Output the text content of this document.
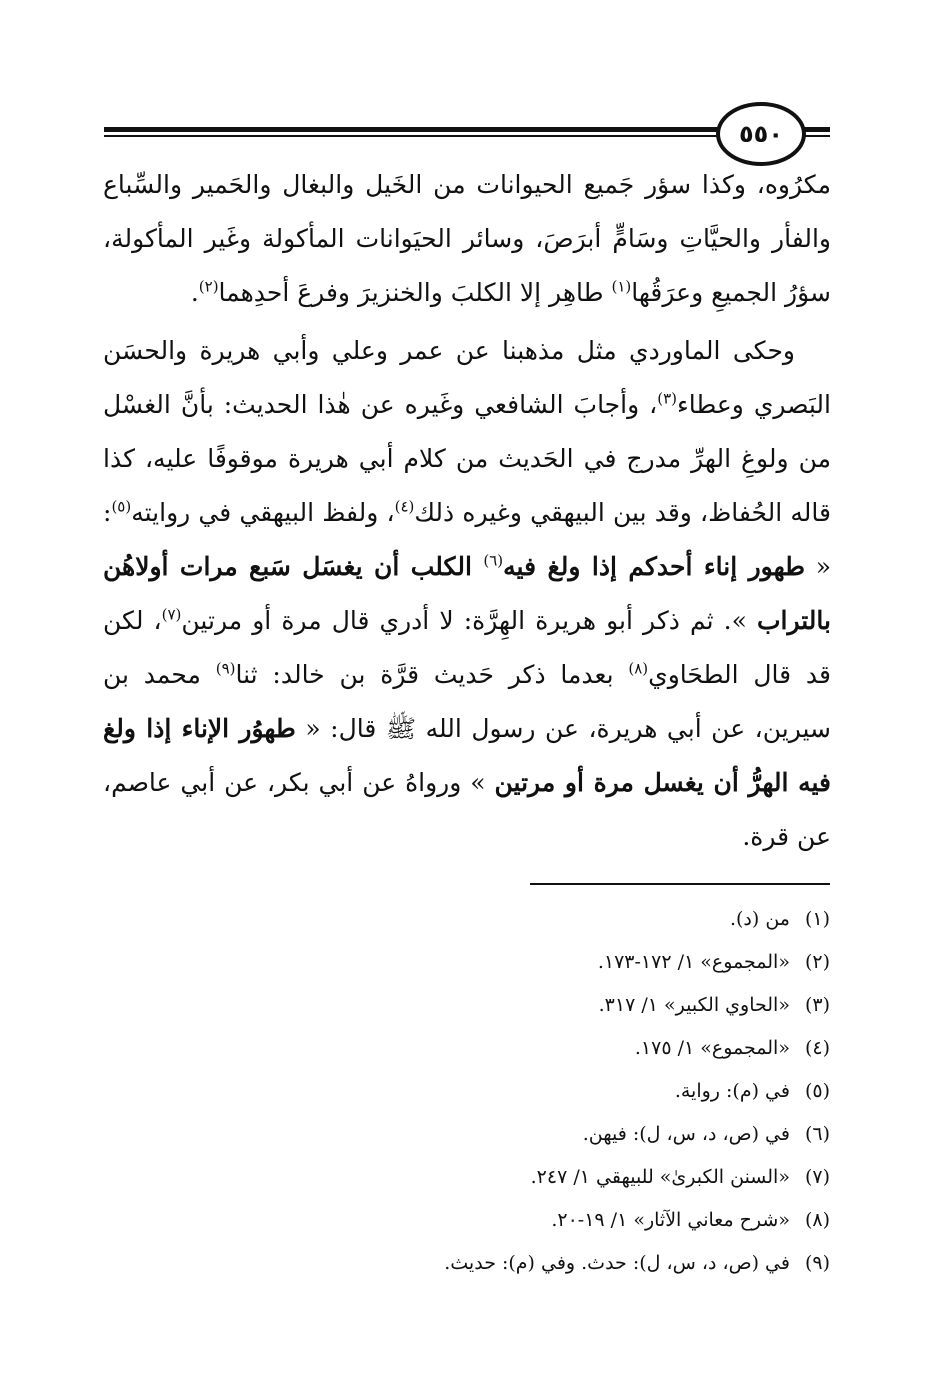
٥٥٠

مكرُوه، وكذا سؤر جَميع الحيوانات من الخَيل والبغال والحَمير والسِّباع والفأر والحيَّاتِ وسَامٍّ أبرَصَ، وسائر الحيَوانات المأكولة وغَير المأكولة، سؤرُ الجميعِ وعرَقُها$^{(١)}$ طاهِر إلا الكلبَ والخنزيرَ وفرعَ أحدِهما$^{(٢)}$.

وحكى الماوردي مثل مذهبنا عن عمر وعلي وأبي هريرة والحسَن البَصري وعطاء$^{(٣)}$، وأجابَ الشافعي وغَيره عن هٰذا الحديث: بأنَّ الغسْل من ولوغِ الهرِّ مدرج في الحَديث من كلام أبي هريرة موقوفًا عليه، كذا قاله الحُفاظ، وقد بين البيهقي وغيره ذلك$^{(٤)}$، ولفظ البيهقي في روايته$^{(٥)}$: « طهور إناء أحدكم إذا ولغ فيه$^{(٦)}$ الكلب أن يغسَل سَبع مرات أولاهُن بالتراب ». ثم ذكر أبو هريرة الهِرَّة: لا أدري قال مرة أو مرتين$^{(٧)}$، لكن قد قال الطحَاوي$^{(٨)}$ بعدما ذكر حَديث قرَّة بن خالد: ثنا$^{(٩)}$ محمد بن سيرين، عن أبي هريرة، عن رسول الله ﷺ قال: « طهوُر الإناء إذا ولغ فيه الهرُّ أن يغسل مرة أو مرتين » ورواهُ عن أبي بكر، عن أبي عاصم، عن قرة.

(١) من (د).
(٢) «المجموع» ١/ ١٧٢-١٧٣.
(٣) «الحاوي الكبير» ١/ ٣١٧.
(٤) «المجموع» ١/ ١٧٥.
(٥) في (م): رواية.
(٦) في (ص، د، س، ل): فيهن.
(٧) «السنن الكبرىٰ» للبيهقي ١/ ٢٤٧.
(٨) «شرح معاني الآثار» ١/ ١٩-٢٠.
(٩) في (ص، د، س، ل): حدث. وفي (م): حديث.
